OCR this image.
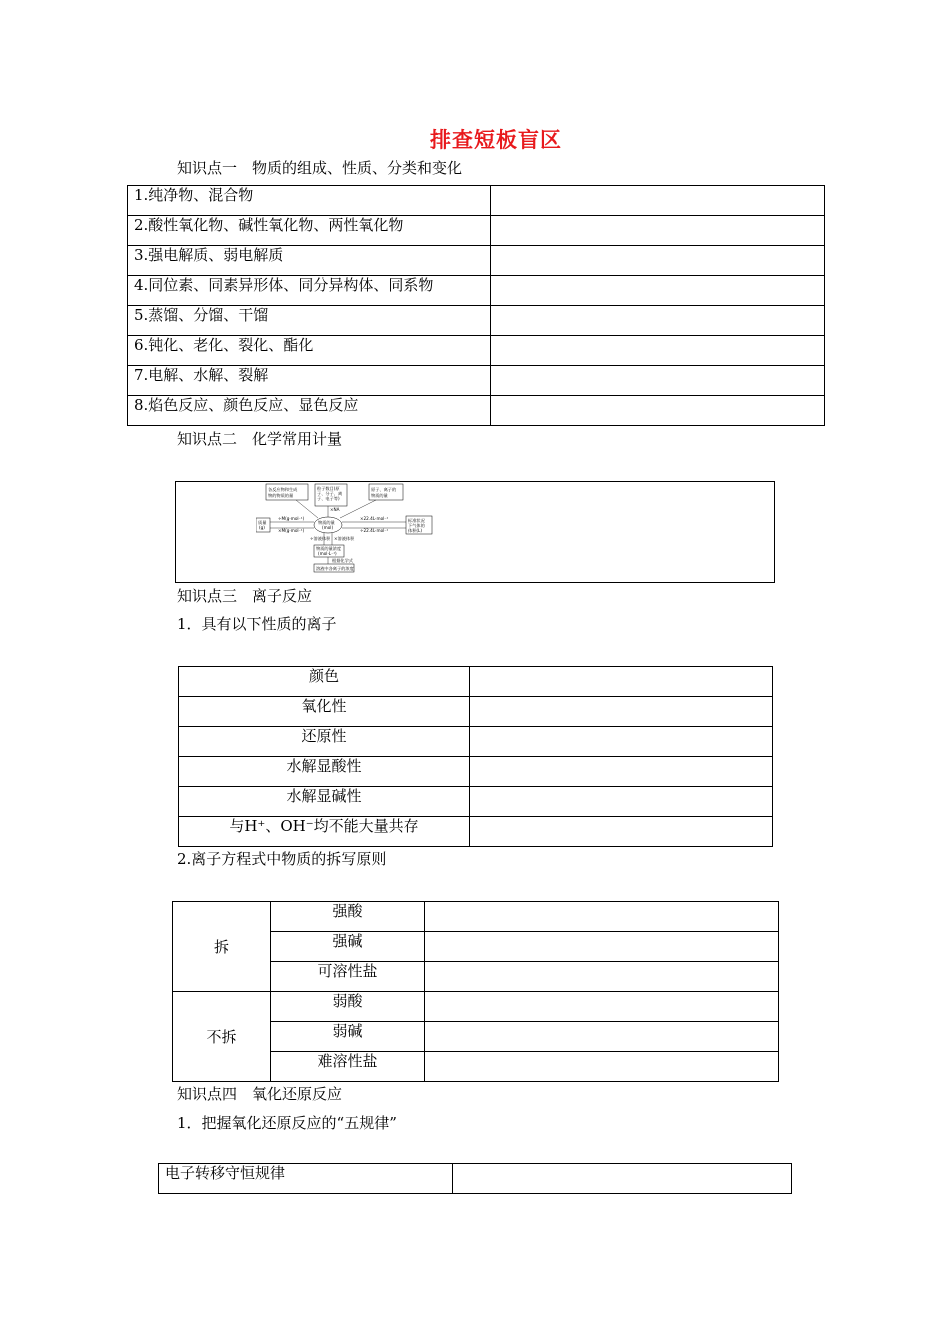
排查短板盲区
知识点一　物质的组成、性质、分类和变化
1.纯净物、混合物	
2.酸性氧化物、碱性氧化物、两性氧化物	
3.强电解质、弱电解质	
4.同位素、同素异形体、同分异构体、同系物	
5.蒸馏、分馏、干馏	
6.钝化、老化、裂化、酯化	
7.电解、水解、裂解	
8.焰色反应、颜色反应、显色反应	
知识点二　化学常用计量
各反应物和生成
物的物质的量
粒子数目(原
子、分子、离
子、电子等)
原子、离子的
物质的量
质量
(g)
物质的量
(mol)
标准状况
下气体的
体积(L)
物质的量浓度
(mol·L⁻¹)
溶液中各离子的浓度
÷M(g·mol⁻¹)
×M(g·mol⁻¹)
×22.4L·mol⁻¹
÷22.4L·mol⁻¹
×NA
÷溶液体积 ×溶液体积
根据化学式
知识点三　离子反应
1．具有以下性质的离子
颜色	
氧化性	
还原性	
水解显酸性	
水解显碱性	
与H⁺、OH⁻均不能大量共存	
2.离子方程式中物质的拆写原则
拆	强酸	
	强碱	
	可溶性盐	
不拆	弱酸	
	弱碱	
	难溶性盐	
知识点四　氧化还原反应
1．把握氧化还原反应的“五规律”
电子转移守恒规律	
